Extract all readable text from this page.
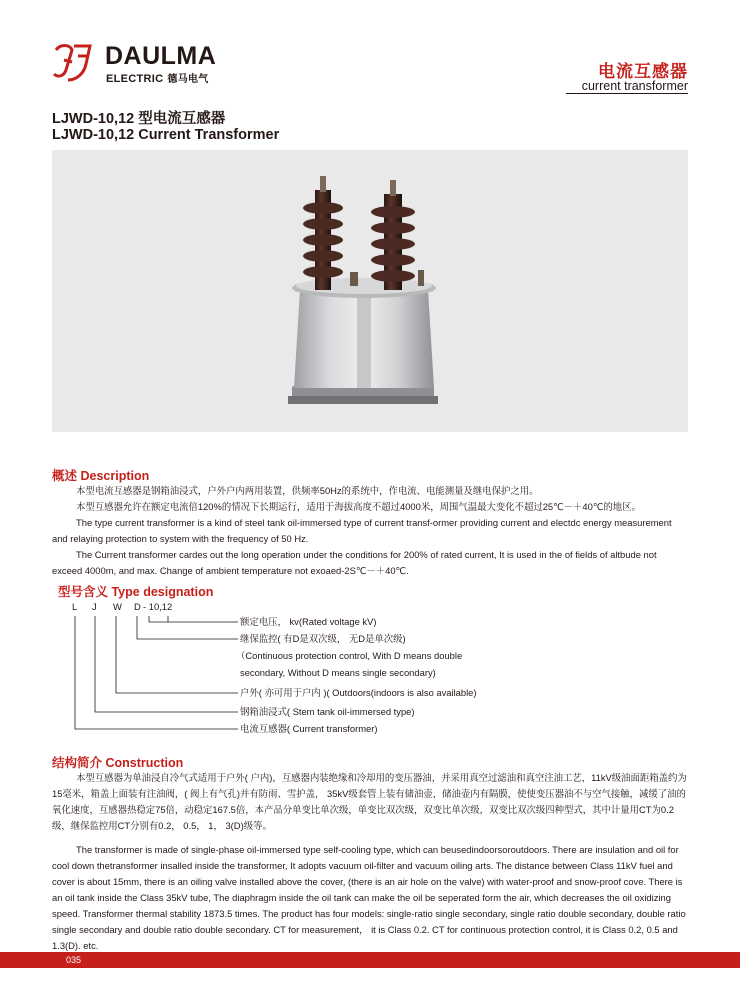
DAULMA
ELECTRIC 德马电气	电流互感器
current transformer
LJWD-10,12 型电流互感器
LJWD-10,12 Current Transformer
概述 Description

本型电流互感器是钢箱油浸式，户外户内两用装置，供频率50Hz的系统中，作电流、电能测量及继电保护之用。

本型互感器允许在额定电流倍120%的情况下长期运行，适用于海拔高度不超过4000米，周围气温最大变化不超过25℃－＋40℃的地区。

The type current transformer is a kind of steel tank oil-immersed type of current transf-ormer providing current and electdc energy measurement and relaying protection to system with the frequency of 50 Hz.

The Current transformer cardes out the long operation under the conditions for 200% of rated current, It is used in the of fields of altbude not exceed 4000m, and max. Change of ambient temperature not exoaed-2S℃－＋40℃.

型号含义 Type designation
L J W D - 10,12
额定电压， kv(Rated voltage kV)
继保监控( 有D是双次级， 无D是单次级)
（Continuous protection control, With D means double
secondary, Without D means single secondary)
户外( 亦可用于户内 )( Outdoors(indoors is also available)
钢箱油浸式( Stem tank oil-immersed type)
电流互感器( Current transformer)
结构简介 Construction

本型互感器为单油浸自冷气式适用于户外( 户内)，互感器内装绝缘和冷却用的变压器油，并采用真空过滤油和真空注油工艺，11kV级油面距箱盖约为15毫米，箱盖上面装有注油阀，( 阀上有气孔)并有防雨、雪护盖， 35kV级套管上装有储油壶，储油壶内有隔膜，使使变压器油不与空气接触，减缓了油的氧化速度，互感器热稳定75倍，动稳定167.5倍，本产品分单变比单次级，单变比双次级，双变比单次级，双变比双次级四种型式，其中计量用CT为0.2级，继保监控用CT分别有0.2， 0.5， 1， 3(D)级等。

The transformer is made of single-phase oil-immersed type self-cooling type, which can beusedindoorsoroutdoors. There are insulation and oil for cool down thetransformer insalled inside the transformer, It adopts vacuum oil-filter and vacuum oiling arts. The distance between Class 11kV fuel and cover is about 15mm, there is an oiling valve installed above the cover, (there is an air hole on the valve) with water-proof and snow-proof cove. There is an oil tank inside the Class 35kV tube, The diaphragm inside the oil tank can make the oil be seperated form the air, which decreases the oil oxidizing speed. Transformer thermal stability 1873.5 times. The product has four models: single-ratio single secondary, single ratio double secondary, double ratio single secondary and double ratio double secondary. CT for measurement， it is Class 0.2. CT for continuous protection control, it is Class 0.2, 0.5 and 1.3(D). etc.

035
